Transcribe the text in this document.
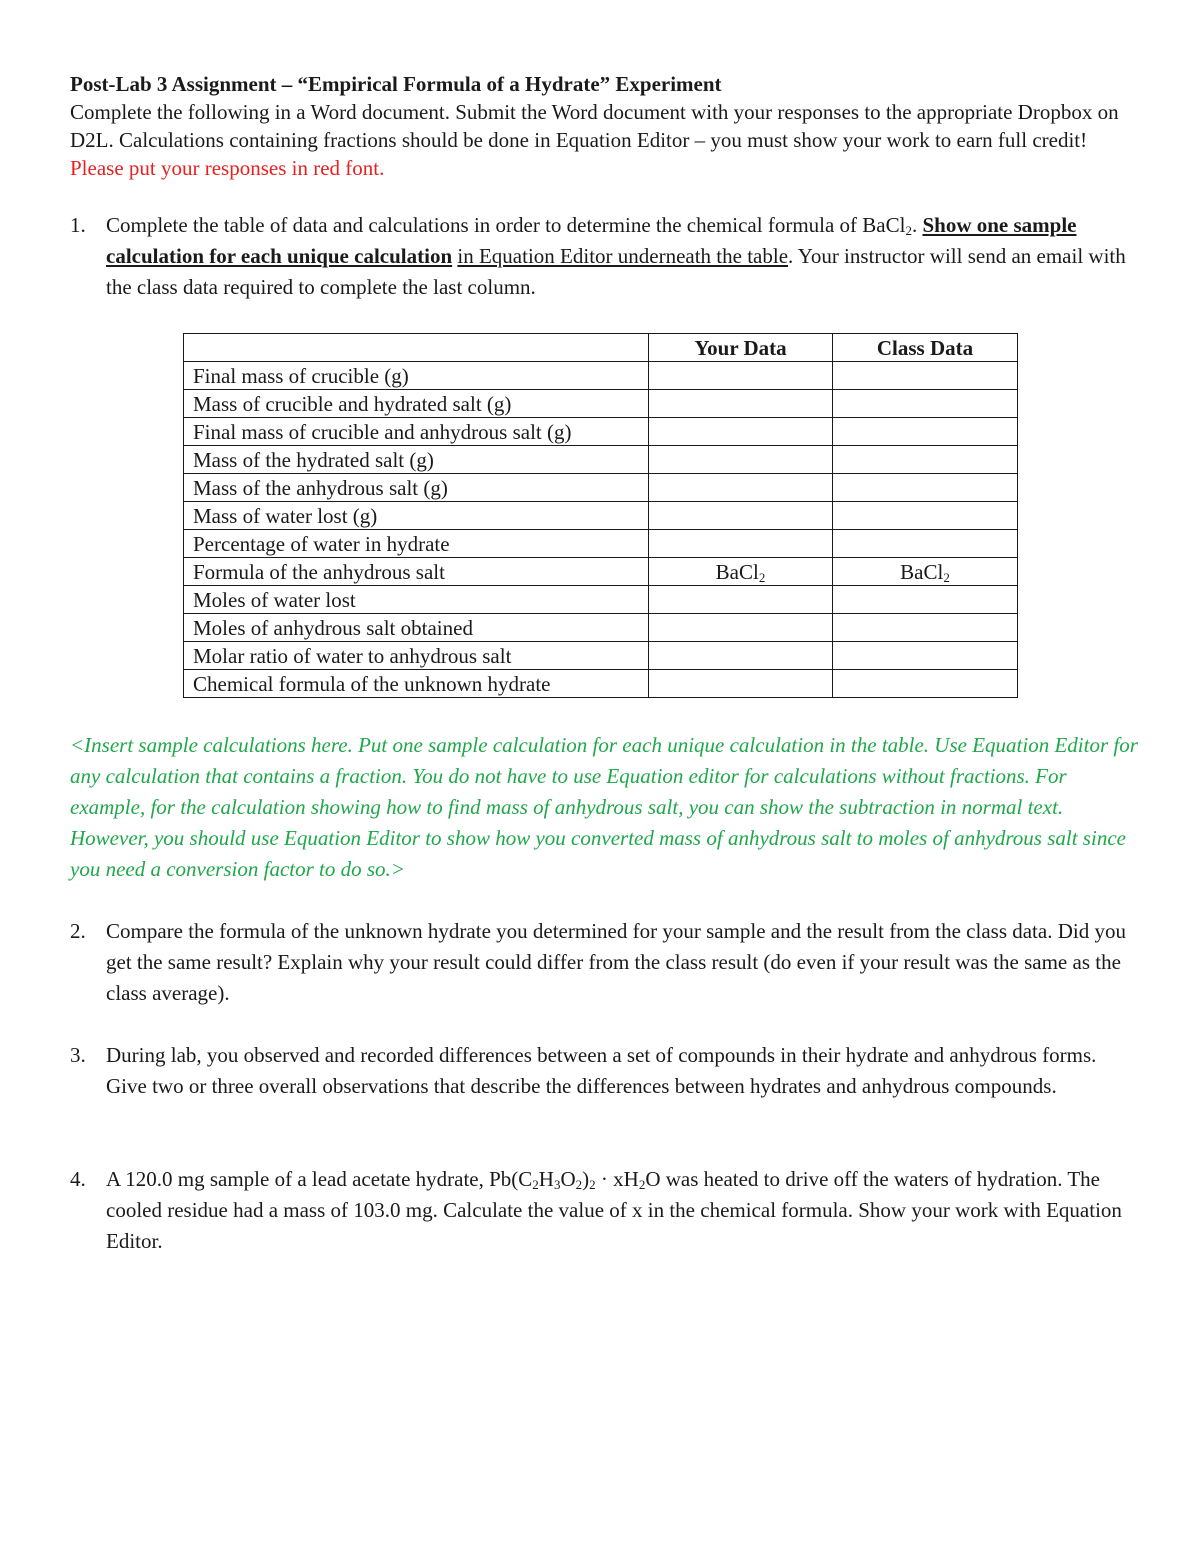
Post-Lab 3 Assignment – “Empirical Formula of a Hydrate” Experiment
Complete the following in a Word document. Submit the Word document with your responses to the appropriate Dropbox on D2L. Calculations containing fractions should be done in Equation Editor – you must show your work to earn full credit! Please put your responses in red font.
1. Complete the table of data and calculations in order to determine the chemical formula of BaCl$_2$. Show one sample calculation for each unique calculation in Equation Editor underneath the table. Your instructor will send an email with the class data required to complete the last column.
	Your Data	Class Data
Final mass of crucible (g)		
Mass of crucible and hydrated salt (g)		
Final mass of crucible and anhydrous salt (g)		
Mass of the hydrated salt (g)		
Mass of the anhydrous salt (g)		
Mass of water lost (g)		
Percentage of water in hydrate		
Formula of the anhydrous salt	BaCl$_2$	BaCl$_2$
Moles of water lost		
Moles of anhydrous salt obtained		
Molar ratio of water to anhydrous salt		
Chemical formula of the unknown hydrate		
<Insert sample calculations here. Put one sample calculation for each unique calculation in the table. Use Equation Editor for any calculation that contains a fraction. You do not have to use Equation editor for calculations without fractions. For example, for the calculation showing how to find mass of anhydrous salt, you can show the subtraction in normal text. However, you should use Equation Editor to show how you converted mass of anhydrous salt to moles of anhydrous salt since you need a conversion factor to do so.>
2. Compare the formula of the unknown hydrate you determined for your sample and the result from the class data. Did you get the same result? Explain why your result could differ from the class result (do even if your result was the same as the class average).
3. During lab, you observed and recorded differences between a set of compounds in their hydrate and anhydrous forms. Give two or three overall observations that describe the differences between hydrates and anhydrous compounds.
4. A 120.0 mg sample of a lead acetate hydrate, $Pb(C_2H_3O_2)_2 \cdot xH_2O$ was heated to drive off the waters of hydration. The cooled residue had a mass of 103.0 mg. Calculate the value of x in the chemical formula. Show your work with Equation Editor.
